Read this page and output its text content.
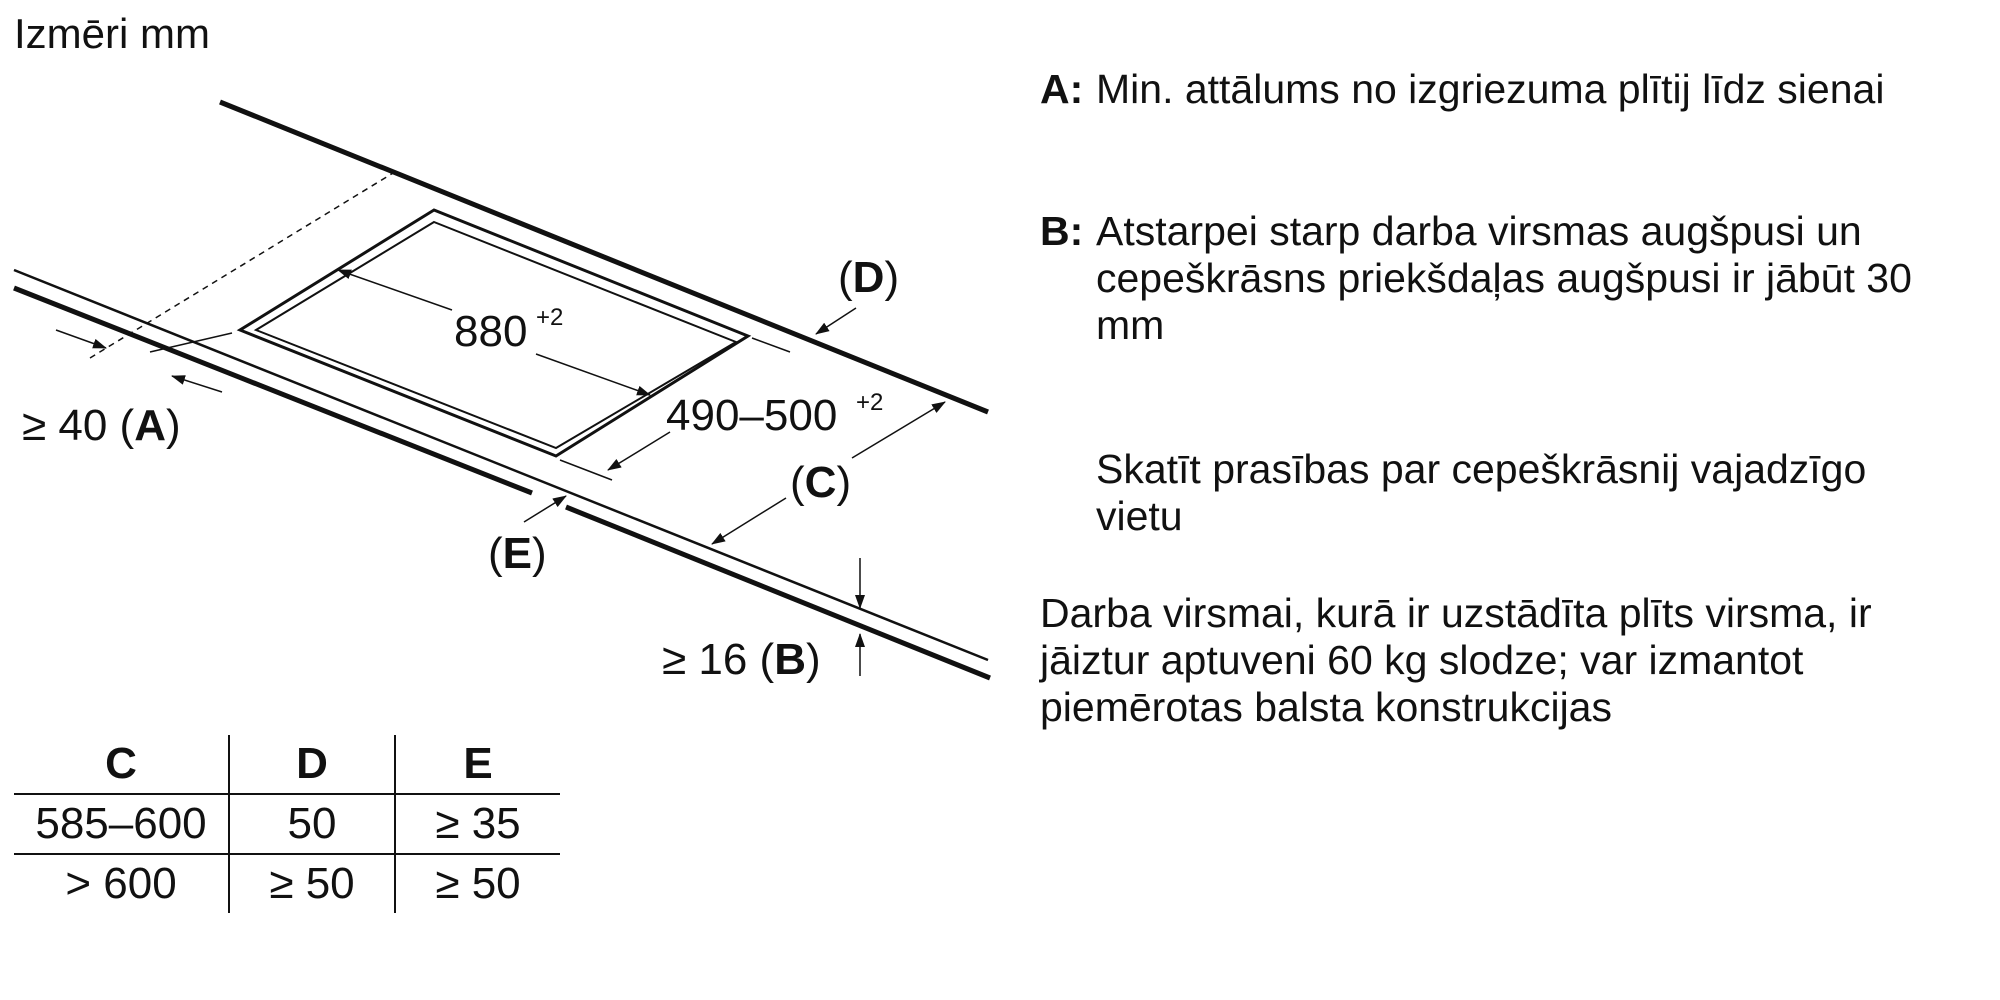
Izmēri mm
880 +2
490–500 +2
(C)
(D)
(E)
≥ 40 (A)
≥ 16 (B)
A: Min. attālums no izgriezuma plītij līdz sienai
B: Atstarpei starp darba virsmas augšpusi un cepeškrāsns priekšdaļas augšpusi ir jābūt 30 mm
Skatīt prasības par cepeškrāsnij vajadzīgo vietu
Darba virsmai, kurā ir uzstādīta plīts virsma, ir jāiztur aptuveni 60 kg slodze; var izmantot piemērotas balsta konstrukcijas
C	D	E
585–600	50	≥ 35
> 600	≥ 50	≥ 50
